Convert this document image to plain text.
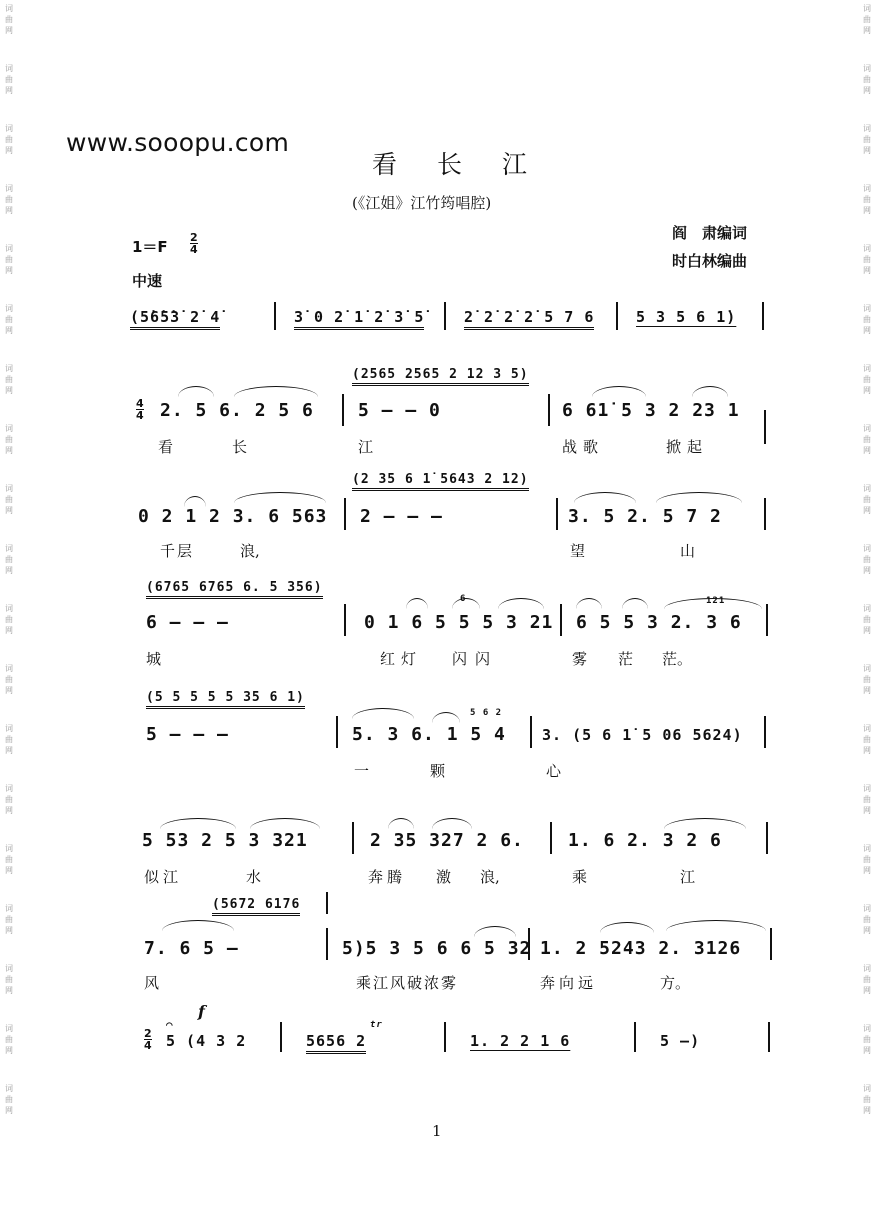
词
曲
网
词
曲
网
词
曲
网
词
曲
网
词
曲
网
词
曲
网
词
曲
网
词
曲
网
词
曲
网
词
曲
网
词
曲
网
词
曲
网
词
曲
网
词
曲
网
词
曲
网
词
曲
网
词
曲
网
词
曲
网
词
曲
网
词
曲
网
词
曲
网
词
曲
网
词
曲
网
词
曲
网
词
曲
网
词
曲
网
词
曲
网
词
曲
网
词
曲
网
词
曲
网
词
曲
网
词
曲
网
词
曲
网
词
曲
网
词
曲
网
词
曲
网
词
曲
网
词
曲
网
www.sooopu.com
看 长 江
(《江姐》江竹筠唱腔)
阎　肃编词
时白林编曲
1＝F
2
4
中速
(5̇6̇5̇3̇ 2̇ 4̇	3̇ 0 2̇ 1̇ 2̇ 3̇ 5̇	2̇ 2̇ 2̇ 2̇ 5 7 6	5 3 5 6 1̇)
(2565 2565 2 12 3 5)
4
4 2. 5 6. 2 5 6 5 – – 0	6 61̇ 5 3 2 23 1
看	长	江	战歌	掀起
(2 35 6 1̇ 5643 2 12)
0 2 1 2 3. 6 563 2 – – –	3. 5 2. 5 7 2
千层	浪,	望	山
(6765 6765 6. 5 356)
6 – – –
6
0 1 6 5 5 5 3 21
121
6 5 5 3 2. 3 6
城	红灯 闪闪	雾 茫 茫。
(5 5 5 5 5 35 6 1)
5 – – –
5 6 2
5. 3 6. 1 5 4 3. (5 6 1̇ 5 06 5624)
一	颗	心
5 53 2 5 3 321	2 35 327 2 6. 1. 6 2. 3 2 6
似江	水	奔腾 激 浪,	乘	江
(5672 6176
7. 6 5 –	5)5 3 5 6 6 5 32 1. 2 5243 2. 3126
风	乘江风破浓雾	奔向远	方。
2
4
f
⌒
5 (4 3 2
tr
5656 2	1. 2 2 1 6	5 –)
1
